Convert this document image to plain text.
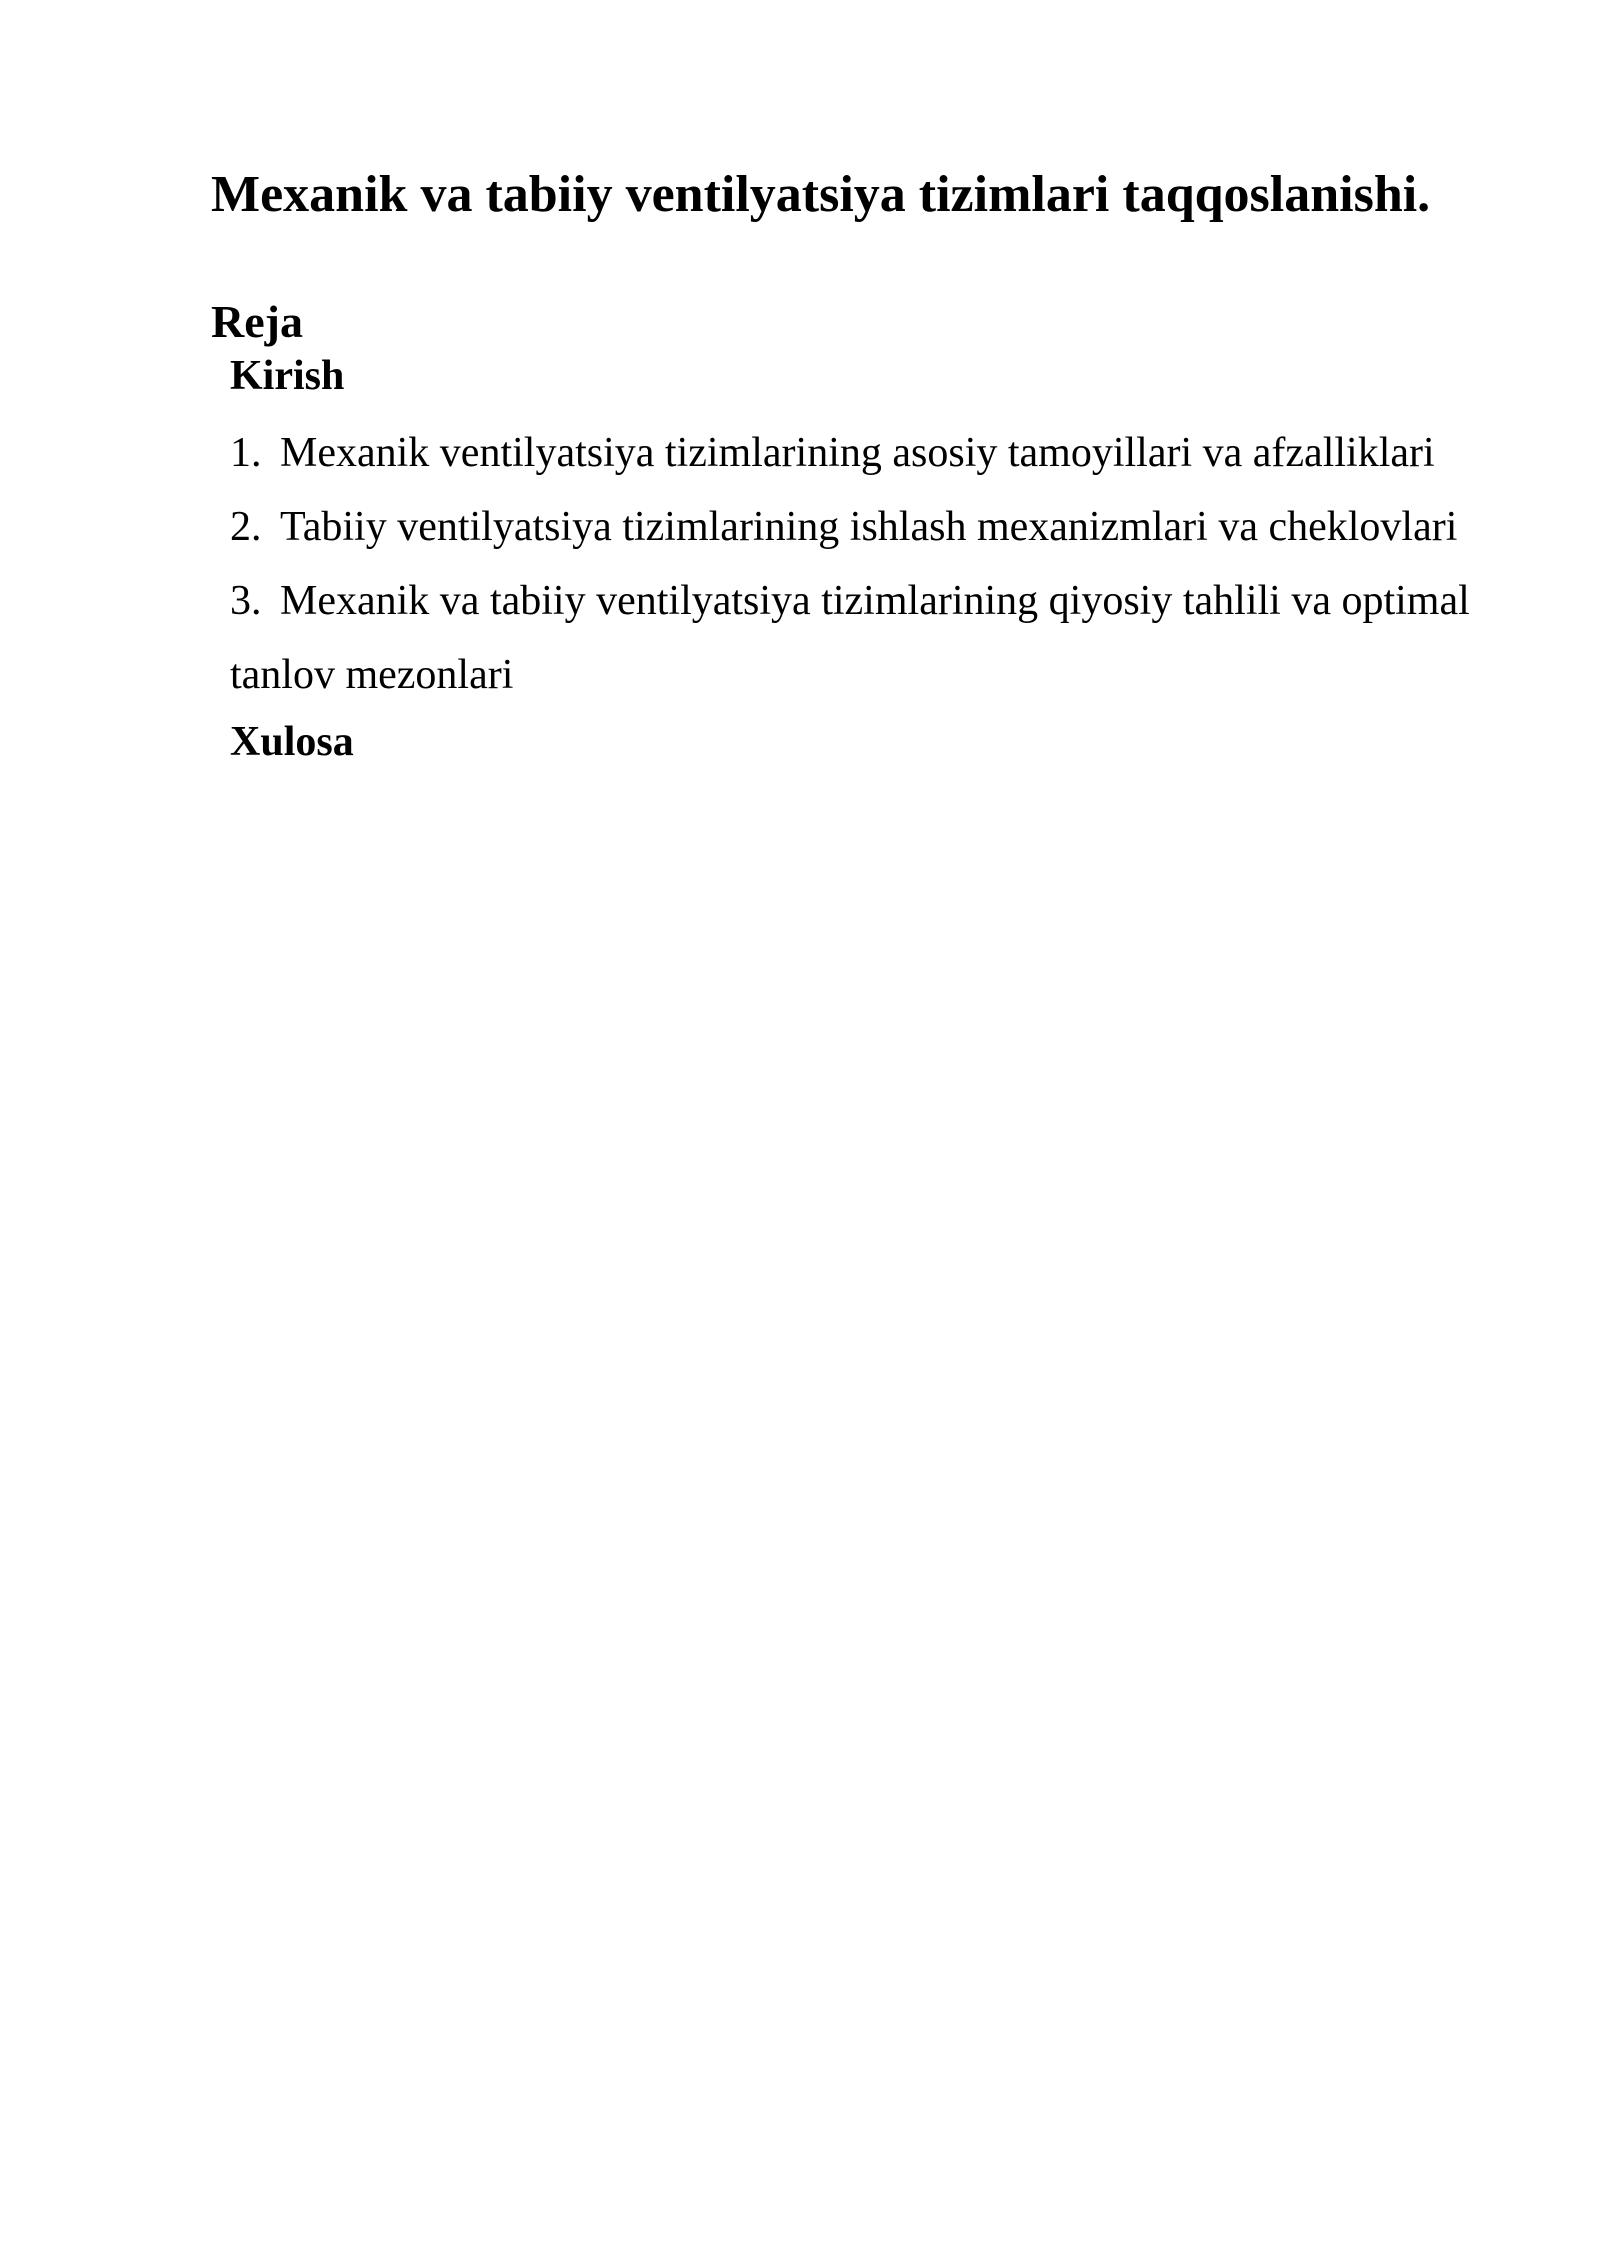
Mexanik va tabiiy ventilyatsiya tizimlari taqqoslanishi.
Reja
Kirish
1. Mexanik ventilyatsiya tizimlarining asosiy tamoyillari va afzalliklari
2. Tabiiy ventilyatsiya tizimlarining ishlash mexanizmlari va cheklovlari
3. Mexanik va tabiiy ventilyatsiya tizimlarining qiyosiy tahlili va optimal tanlov mezonlari
Xulosa
